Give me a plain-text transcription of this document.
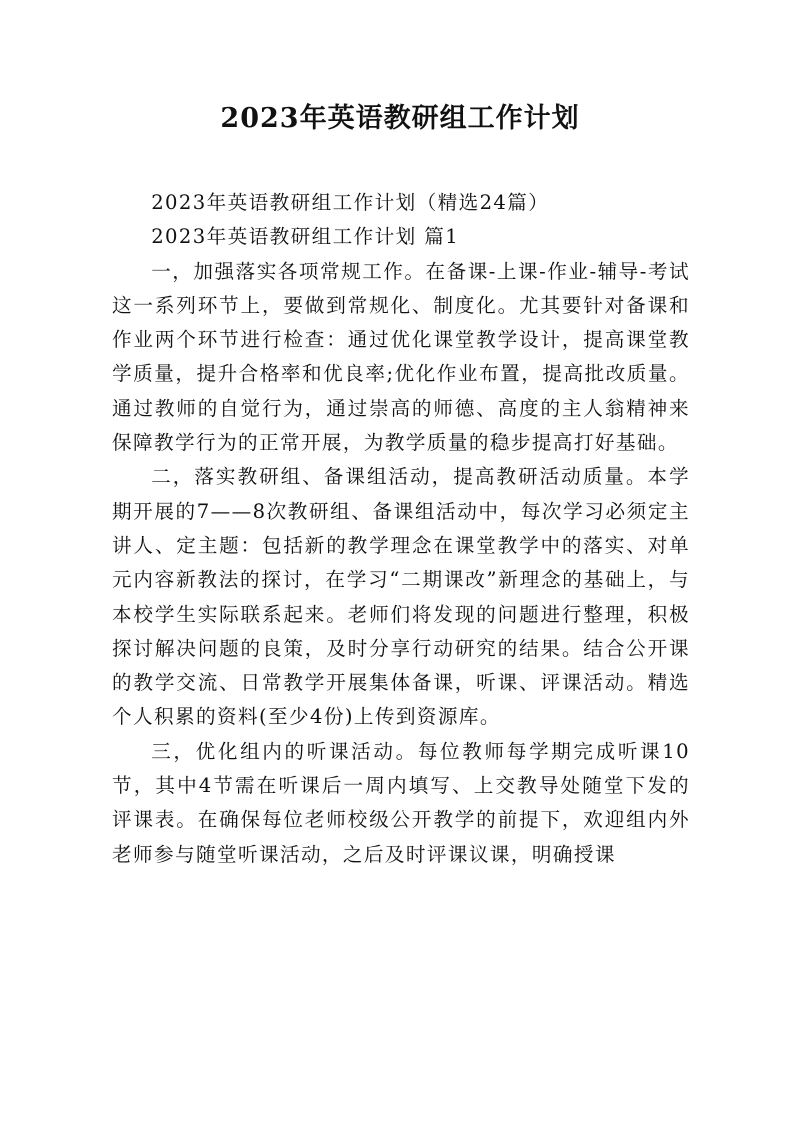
2023年英语教研组工作计划

2023年英语教研组工作计划（精选24篇）

2023年英语教研组工作计划 篇1

一，加强落实各项常规工作。在备课-上课-作业-辅导-考试这一系列环节上，要做到常规化、制度化。尤其要针对备课和作业两个环节进行检查：通过优化课堂教学设计，提高课堂教学质量，提升合格率和优良率;优化作业布置，提高批改质量。通过教师的自觉行为，通过崇高的师德、高度的主人翁精神来保障教学行为的正常开展，为教学质量的稳步提高打好基础。

二，落实教研组、备课组活动，提高教研活动质量。本学期开展的7——8次教研组、备课组活动中，每次学习必须定主讲人、定主题：包括新的教学理念在课堂教学中的落实、对单元内容新教法的探讨，在学习“二期课改”新理念的基础上，与本校学生实际联系起来。老师们将发现的问题进行整理，积极探讨解决问题的良策，及时分享行动研究的结果。结合公开课的教学交流、日常教学开展集体备课，听课、评课活动。精选个人积累的资料(至少4份)上传到资源库。

三，优化组内的听课活动。每位教师每学期完成听课10节，其中4节需在听课后一周内填写、上交教导处随堂下发的评课表。在确保每位老师校级公开教学的前提下，欢迎组内外老师参与随堂听课活动，之后及时评课议课，明确授课
